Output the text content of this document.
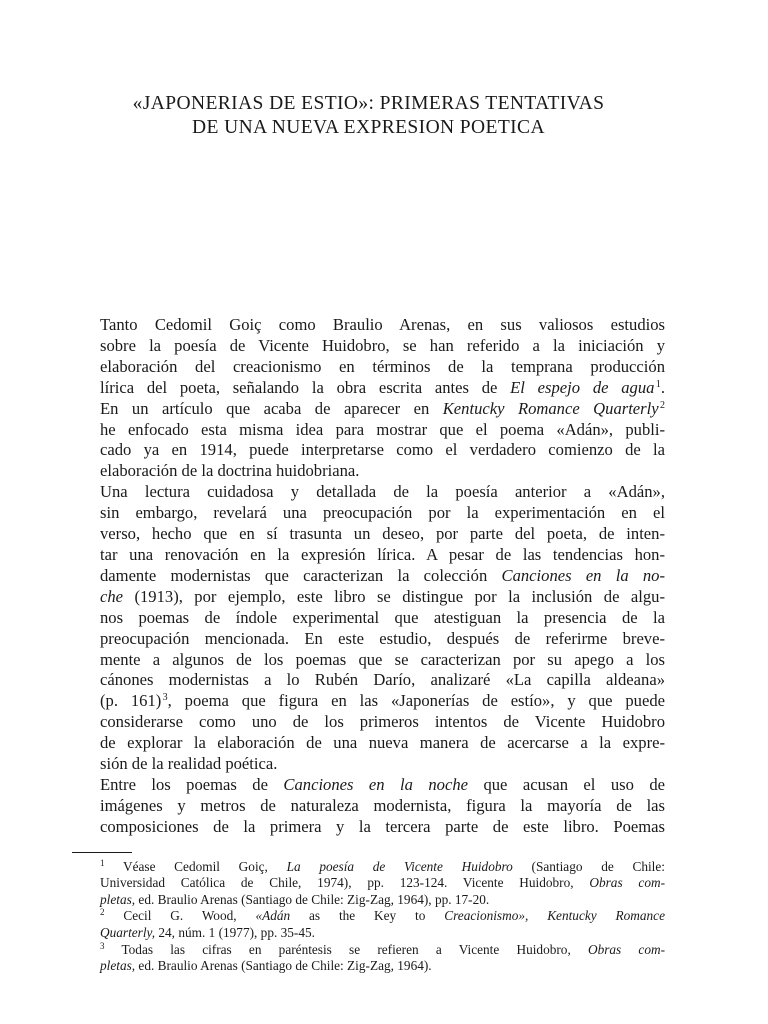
«JAPONERIAS DE ESTIO»: PRIMERAS TENTATIVAS
DE UNA NUEVA EXPRESION POETICA

Tanto Cedomil Goiç como Braulio Arenas, en sus valiosos estudios
sobre la poesía de Vicente Huidobro, se han referido a la iniciación y
elaboración del creacionismo en términos de la temprana producción
lírica del poeta, señalando la obra escrita antes de El espejo de agua $^1$.
En un artículo que acaba de aparecer en Kentucky Romance Quarterly $^2$
he enfocado esta misma idea para mostrar que el poema «Adán», publi-
cado ya en 1914, puede interpretarse como el verdadero comienzo de la
elaboración de la doctrina huidobriana.

Una lectura cuidadosa y detallada de la poesía anterior a «Adán»,
sin embargo, revelará una preocupación por la experimentación en el
verso, hecho que en sí trasunta un deseo, por parte del poeta, de inten-
tar una renovación en la expresión lírica. A pesar de las tendencias hon-
damente modernistas que caracterizan la colección Canciones en la no-
che (1913), por ejemplo, este libro se distingue por la inclusión de algu-
nos poemas de índole experimental que atestiguan la presencia de la
preocupación mencionada. En este estudio, después de referirme breve-
mente a algunos de los poemas que se caracterizan por su apego a los
cánones modernistas a lo Rubén Darío, analizaré «La capilla aldeana»
(p. 161) $^3$, poema que figura en las «Japonerías de estío», y que puede
considerarse como uno de los primeros intentos de Vicente Huidobro
de explorar la elaboración de una nueva manera de acercarse a la expre-
sión de la realidad poética.

Entre los poemas de Canciones en la noche que acusan el uso de
imágenes y metros de naturaleza modernista, figura la mayoría de las
composiciones de la primera y la tercera parte de este libro. Poemas

$^1$ Véase Cedomil Goiç, La poesía de Vicente Huidobro (Santiago de Chile:
Universidad Católica de Chile, 1974), pp. 123-124. Vicente Huidobro, Obras com-
pletas, ed. Braulio Arenas (Santiago de Chile: Zig-Zag, 1964), pp. 17-20.

$^2$ Cecil G. Wood, «Adán as the Key to Creacionismo», Kentucky Romance
Quarterly, 24, núm. 1 (1977), pp. 35-45.

$^3$ Todas las cifras en paréntesis se refieren a Vicente Huidobro, Obras com-
pletas, ed. Braulio Arenas (Santiago de Chile: Zig-Zag, 1964).
